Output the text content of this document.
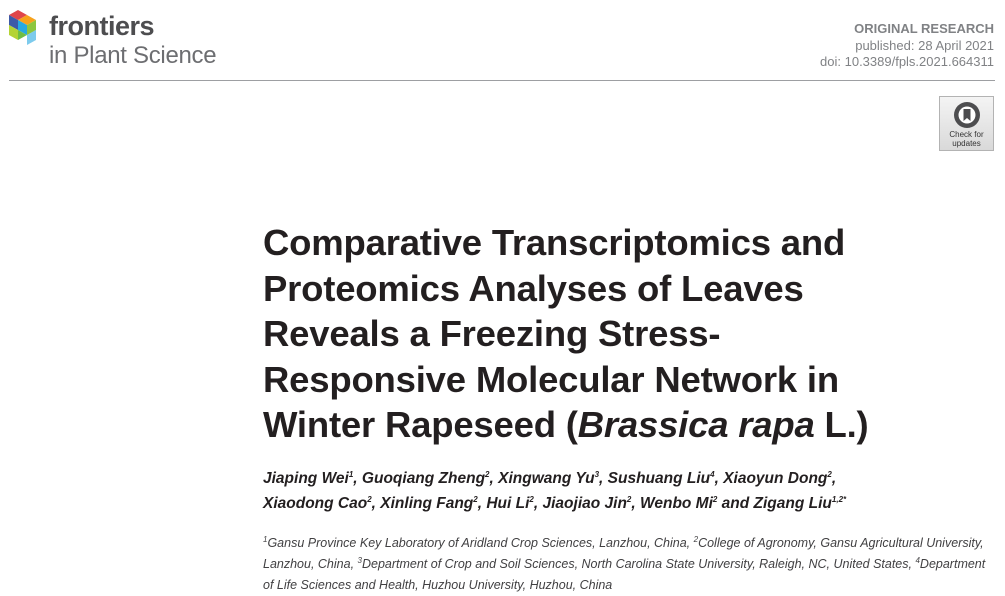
frontiers
in Plant Science
ORIGINAL RESEARCH
published: 28 April 2021
doi: 10.3389/fpls.2021.664311
Check for updates
Comparative Transcriptomics and
Proteomics Analyses of Leaves
Reveals a Freezing Stress-
Responsive Molecular Network in
Winter Rapeseed (Brassica rapa L.)

Jiaping Wei$^1$, Guoqiang Zheng$^2$, Xingwang Yu$^3$, Sushuang Liu$^4$, Xiaoyun Dong$^2$,
Xiaodong Cao$^2$, Xinling Fang$^2$, Hui Li$^2$, Jiaojiao Jin$^2$, Wenbo Mi$^2$ and Zigang Liu$^{1,2*}$

$^1$Gansu Province Key Laboratory of Aridland Crop Sciences, Lanzhou, China, $^2$College of Agronomy, Gansu Agricultural University, Lanzhou, China, $^3$Department of Crop and Soil Sciences, North Carolina State University, Raleigh, NC, United States, $^4$Department of Life Sciences and Health, Huzhou University, Huzhou, China
